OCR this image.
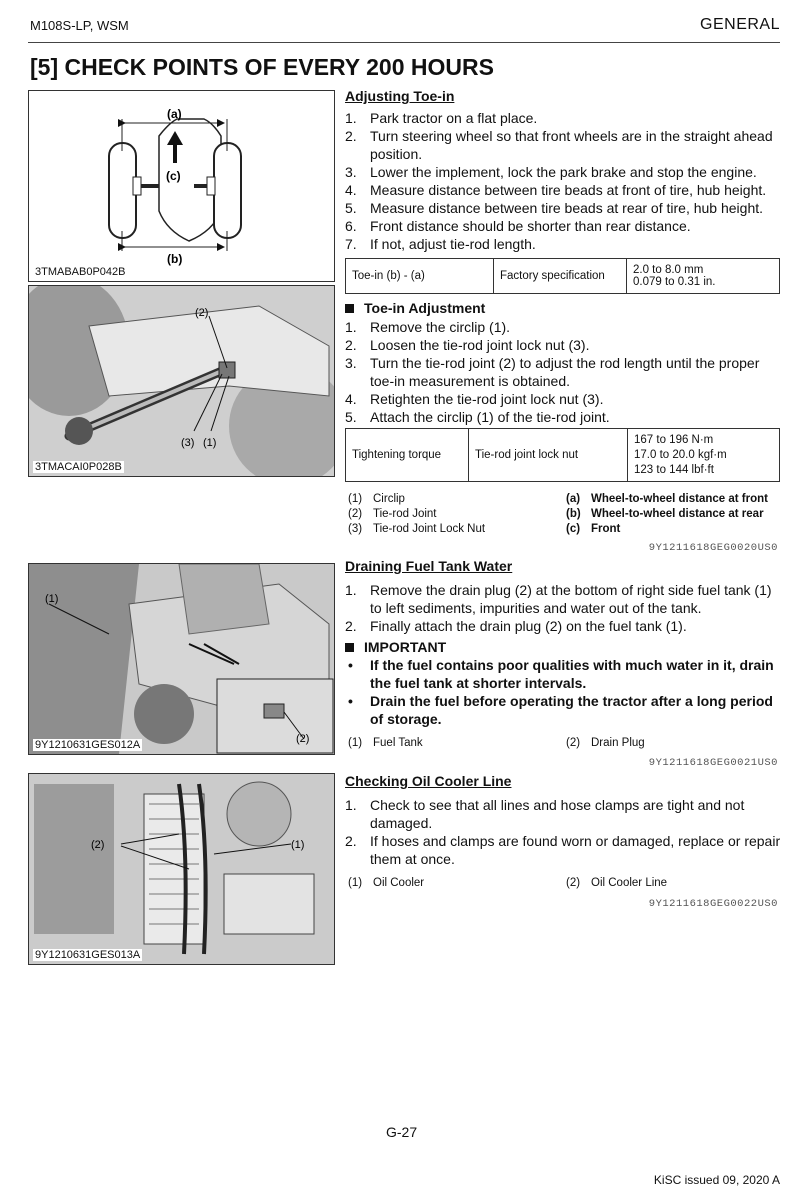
M108S-LP, WSM	GENERAL
[5] CHECK POINTS OF EVERY 200 HOURS
(a)
(b)
(c)
3TMABAB0P042B
(2)
(3) (1)
3TMACAI0P028B
(1)
(2)
9Y1210631GES012A
(2)	(1)
9Y1210631GES013A
Adjusting Toe-in
1. Park tractor on a flat place.
2. Turn steering wheel so that front wheels are in the straight ahead position.
3. Lower the implement, lock the park brake and stop the engine.
4. Measure distance between tire beads at front of tire, hub height.
5. Measure distance between tire beads at rear of tire, hub height.
6. Front distance should be shorter than rear distance.
7. If not, adjust tie-rod length.
Toe-in (b) - (a)	Factory specification	2.0 to 8.0 mm
0.079 to 0.31 in.
Toe-in Adjustment
1. Remove the circlip (1).
2. Loosen the tie-rod joint lock nut (3).
3. Turn the tie-rod joint (2) to adjust the rod length until the proper toe-in measurement is obtained.
4. Retighten the tie-rod joint lock nut (3).
5. Attach the circlip (1) of the tie-rod joint.
Tightening torque	Tie-rod joint lock nut	
167 to 196 N·m
17.0 to 20.0 kgf·m
123 to 144 lbf·ft
(1) Circlip
(2) Tie-rod Joint
(3) Tie-rod Joint Lock Nut
(a) Wheel-to-wheel distance at front
(b) Wheel-to-wheel distance at rear
(c) Front
9Y1211618GEG0020US0
Draining Fuel Tank Water
1. Remove the drain plug (2) at the bottom of right side fuel tank (1) to left sediments, impurities and water out of the tank.
2. Finally attach the drain plug (2) on the fuel tank (1).
IMPORTANT
• If the fuel contains poor qualities with much water in it, drain the fuel tank at shorter intervals.
• Drain the fuel before operating the tractor after a long period of storage.
(1) Fuel Tank	(2) Drain Plug
9Y1211618GEG0021US0
Checking Oil Cooler Line
1. Check to see that all lines and hose clamps are tight and not damaged.
2. If hoses and clamps are found worn or damaged, replace or repair them at once.
(1) Oil Cooler	(2) Oil Cooler Line
9Y1211618GEG0022US0
G-27
KiSC issued 09, 2020 A
